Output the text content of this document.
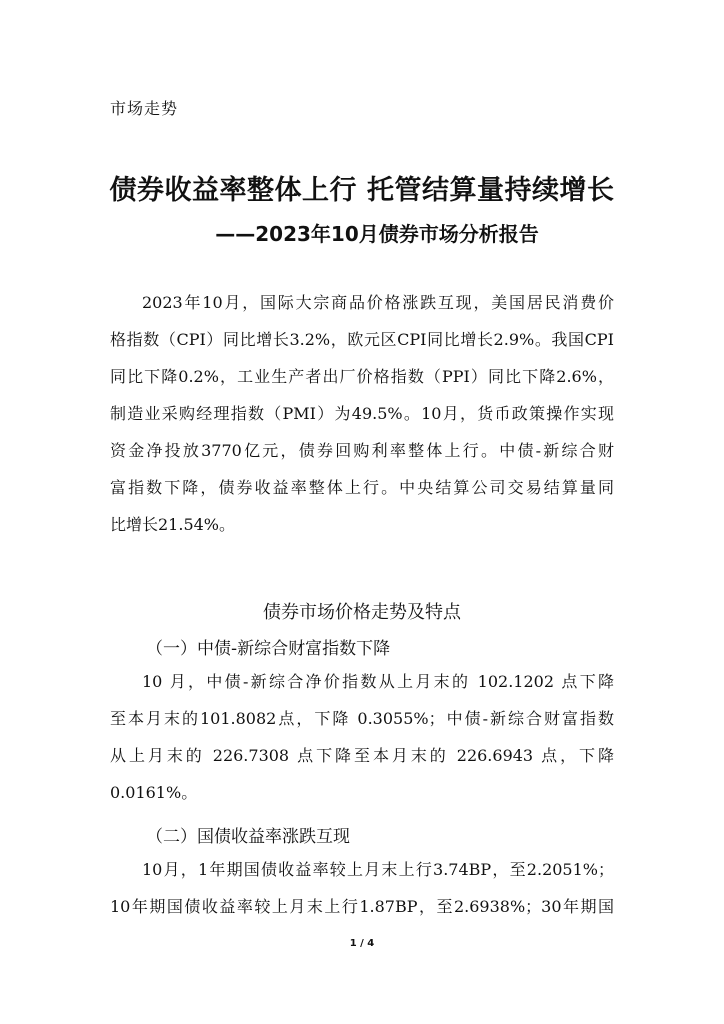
市场走势
债券收益率整体上行 托管结算量持续增长
——2023年10月债券市场分析报告
2023年10月，国际大宗商品价格涨跌互现，美国居民消费价
格指数（CPI）同比增长3.2%，欧元区CPI同比增长2.9%。我国CPI
同比下降0.2%，工业生产者出厂价格指数（PPI）同比下降2.6%，
制造业采购经理指数（PMI）为49.5%。10月，货币政策操作实现
资金净投放3770亿元，债券回购利率整体上行。中债-新综合财
富指数下降，债券收益率整体上行。中央结算公司交易结算量同
比增长21.54%。
债券市场价格走势及特点
（一）中债-新综合财富指数下降
10 月，中债-新综合净价指数从上月末的 102.1202 点下降
至本月末的101.8082点，下降 0.3055%；中债-新综合财富指数
从上月末的 226.7308 点下降至本月末的 226.6943 点，下降
0.0161%。
（二）国债收益率涨跌互现
10月，1年期国债收益率较上月末上行3.74BP，至2.2051%；
10年期国债收益率较上月末上行1.87BP，至2.6938%；30年期国
1 / 4
